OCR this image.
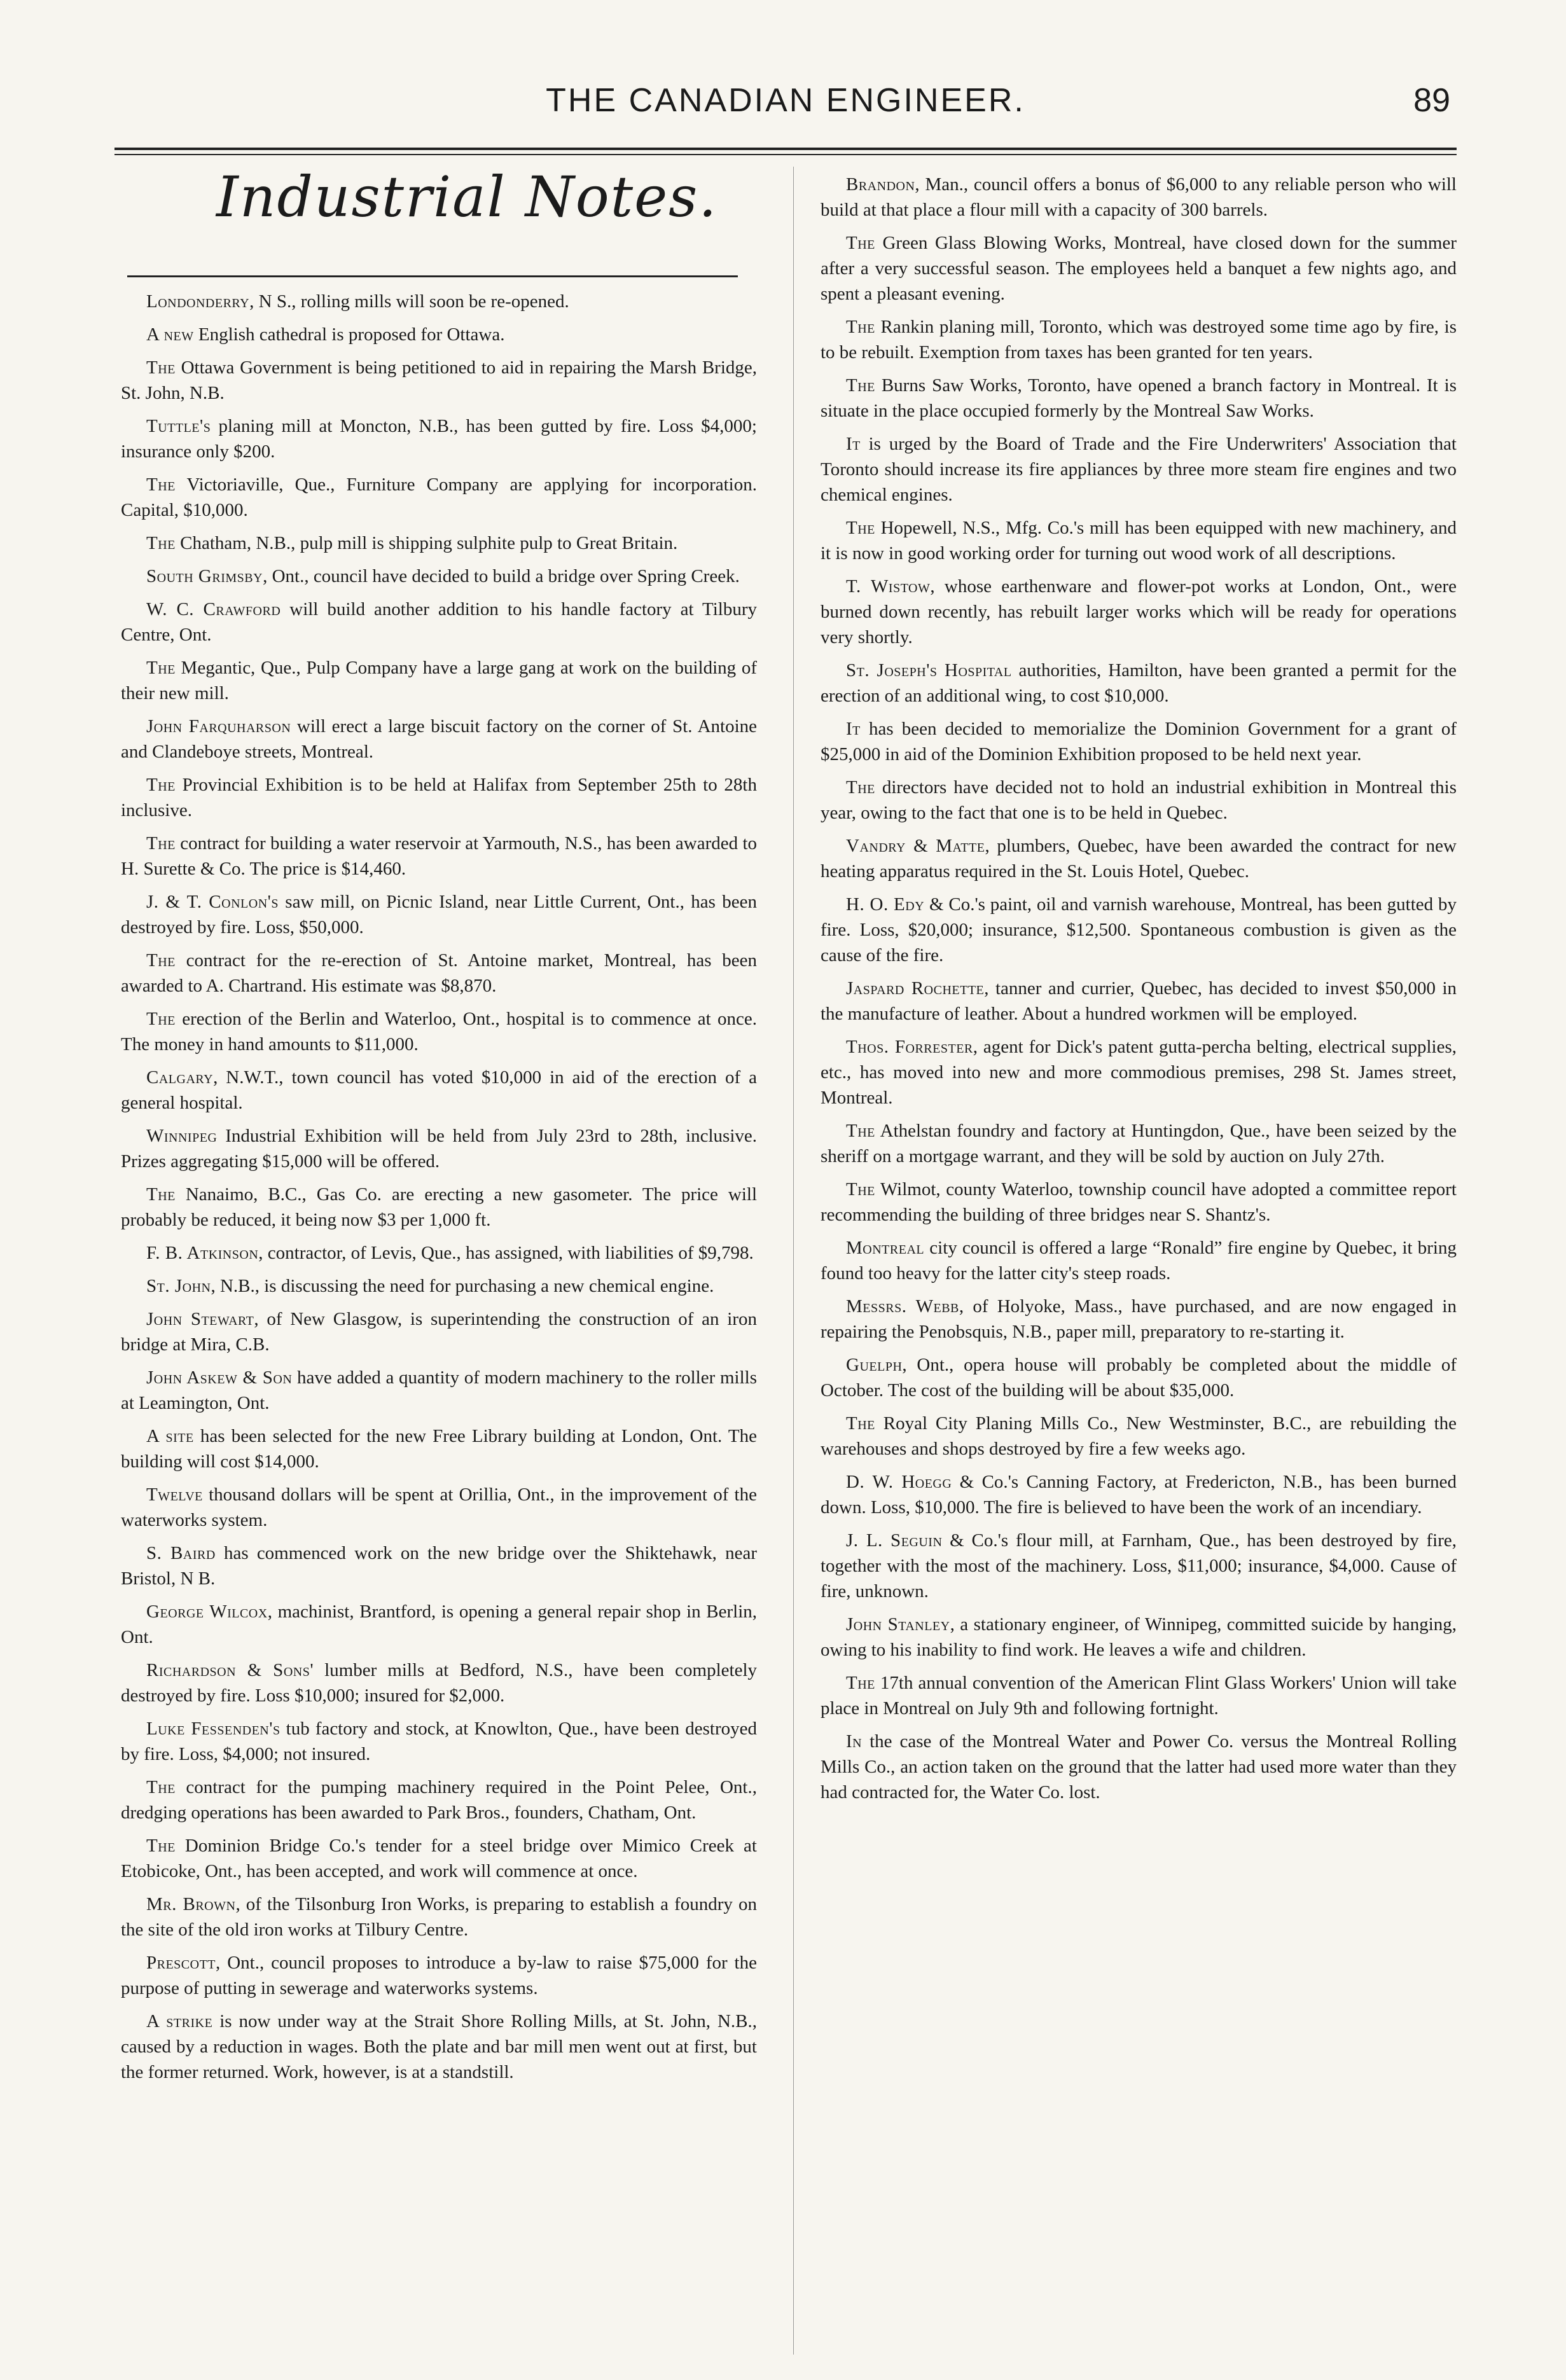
THE CANADIAN ENGINEER.	89
Industrial Notes.

Londonderry, N S., rolling mills will soon be re-opened.

A new English cathedral is proposed for Ottawa.

The Ottawa Government is being petitioned to aid in repairing the Marsh Bridge, St. John, N.B.

Tuttle's planing mill at Moncton, N.B., has been gutted by fire. Loss $4,000; insurance only $200.

The Victoriaville, Que., Furniture Company are applying for incorporation. Capital, $10,000.

The Chatham, N.B., pulp mill is shipping sulphite pulp to Great Britain.

South Grimsby, Ont., council have decided to build a bridge over Spring Creek.

W. C. Crawford will build another addition to his handle factory at Tilbury Centre, Ont.

The Megantic, Que., Pulp Company have a large gang at work on the building of their new mill.

John Farquharson will erect a large biscuit factory on the corner of St. Antoine and Clandeboye streets, Montreal.

The Provincial Exhibition is to be held at Halifax from September 25th to 28th inclusive.

The contract for building a water reservoir at Yarmouth, N.S., has been awarded to H. Surette & Co. The price is $14,460.

J. & T. Conlon's saw mill, on Picnic Island, near Little Current, Ont., has been destroyed by fire. Loss, $50,000.

The contract for the re-erection of St. Antoine market, Montreal, has been awarded to A. Chartrand. His estimate was $8,870.

The erection of the Berlin and Waterloo, Ont., hospital is to commence at once. The money in hand amounts to $11,000.

Calgary, N.W.T., town council has voted $10,000 in aid of the erection of a general hospital.

Winnipeg Industrial Exhibition will be held from July 23rd to 28th, inclusive. Prizes aggregating $15,000 will be offered.

The Nanaimo, B.C., Gas Co. are erecting a new gasometer. The price will probably be reduced, it being now $3 per 1,000 ft.

F. B. Atkinson, contractor, of Levis, Que., has assigned, with liabilities of $9,798.

St. John, N.B., is discussing the need for purchasing a new chemical engine.

John Stewart, of New Glasgow, is superintending the construction of an iron bridge at Mira, C.B.

John Askew & Son have added a quantity of modern machinery to the roller mills at Leamington, Ont.

A site has been selected for the new Free Library building at London, Ont. The building will cost $14,000.

Twelve thousand dollars will be spent at Orillia, Ont., in the improvement of the waterworks system.

S. Baird has commenced work on the new bridge over the Shiktehawk, near Bristol, N B.

George Wilcox, machinist, Brantford, is opening a general repair shop in Berlin, Ont.

Richardson & Sons' lumber mills at Bedford, N.S., have been completely destroyed by fire. Loss $10,000; insured for $2,000.

Luke Fessenden's tub factory and stock, at Knowlton, Que., have been destroyed by fire. Loss, $4,000; not insured.

The contract for the pumping machinery required in the Point Pelee, Ont., dredging operations has been awarded to Park Bros., founders, Chatham, Ont.

The Dominion Bridge Co.'s tender for a steel bridge over Mimico Creek at Etobicoke, Ont., has been accepted, and work will commence at once.

Mr. Brown, of the Tilsonburg Iron Works, is preparing to establish a foundry on the site of the old iron works at Tilbury Centre.

Prescott, Ont., council proposes to introduce a by-law to raise $75,000 for the purpose of putting in sewerage and waterworks systems.

A strike is now under way at the Strait Shore Rolling Mills, at St. John, N.B., caused by a reduction in wages. Both the plate and bar mill men went out at first, but the former returned. Work, however, is at a standstill.

Brandon, Man., council offers a bonus of $6,000 to any reliable person who will build at that place a flour mill with a capacity of 300 barrels.

The Green Glass Blowing Works, Montreal, have closed down for the summer after a very successful season. The employees held a banquet a few nights ago, and spent a pleasant evening.

The Rankin planing mill, Toronto, which was destroyed some time ago by fire, is to be rebuilt. Exemption from taxes has been granted for ten years.

The Burns Saw Works, Toronto, have opened a branch factory in Montreal. It is situate in the place occupied formerly by the Montreal Saw Works.

It is urged by the Board of Trade and the Fire Underwriters' Association that Toronto should increase its fire appliances by three more steam fire engines and two chemical engines.

The Hopewell, N.S., Mfg. Co.'s mill has been equipped with new machinery, and it is now in good working order for turning out wood work of all descriptions.

T. Wistow, whose earthenware and flower-pot works at London, Ont., were burned down recently, has rebuilt larger works which will be ready for operations very shortly.

St. Joseph's Hospital authorities, Hamilton, have been granted a permit for the erection of an additional wing, to cost $10,000.

It has been decided to memorialize the Dominion Government for a grant of $25,000 in aid of the Dominion Exhibition proposed to be held next year.

The directors have decided not to hold an industrial exhibition in Montreal this year, owing to the fact that one is to be held in Quebec.

Vandry & Matte, plumbers, Quebec, have been awarded the contract for new heating apparatus required in the St. Louis Hotel, Quebec.

H. O. Edy & Co.'s paint, oil and varnish warehouse, Montreal, has been gutted by fire. Loss, $20,000; insurance, $12,500. Spontaneous combustion is given as the cause of the fire.

Jaspard Rochette, tanner and currier, Quebec, has decided to invest $50,000 in the manufacture of leather. About a hundred workmen will be employed.

Thos. Forrester, agent for Dick's patent gutta-percha belting, electrical supplies, etc., has moved into new and more commodious premises, 298 St. James street, Montreal.

The Athelstan foundry and factory at Huntingdon, Que., have been seized by the sheriff on a mortgage warrant, and they will be sold by auction on July 27th.

The Wilmot, county Waterloo, township council have adopted a committee report recommending the building of three bridges near S. Shantz's.

Montreal city council is offered a large “Ronald” fire engine by Quebec, it bring found too heavy for the latter city's steep roads.

Messrs. Webb, of Holyoke, Mass., have purchased, and are now engaged in repairing the Penobsquis, N.B., paper mill, preparatory to re-starting it.

Guelph, Ont., opera house will probably be completed about the middle of October. The cost of the building will be about $35,000.

The Royal City Planing Mills Co., New Westminster, B.C., are rebuilding the warehouses and shops destroyed by fire a few weeks ago.

D. W. Hoegg & Co.'s Canning Factory, at Fredericton, N.B., has been burned down. Loss, $10,000. The fire is believed to have been the work of an incendiary.

J. L. Seguin & Co.'s flour mill, at Farnham, Que., has been destroyed by fire, together with the most of the machinery. Loss, $11,000; insurance, $4,000. Cause of fire, unknown.

John Stanley, a stationary engineer, of Winnipeg, committed suicide by hanging, owing to his inability to find work. He leaves a wife and children.

The 17th annual convention of the American Flint Glass Workers' Union will take place in Montreal on July 9th and following fortnight.

In the case of the Montreal Water and Power Co. versus the Montreal Rolling Mills Co., an action taken on the ground that the latter had used more water than they had contracted for, the Water Co. lost.
